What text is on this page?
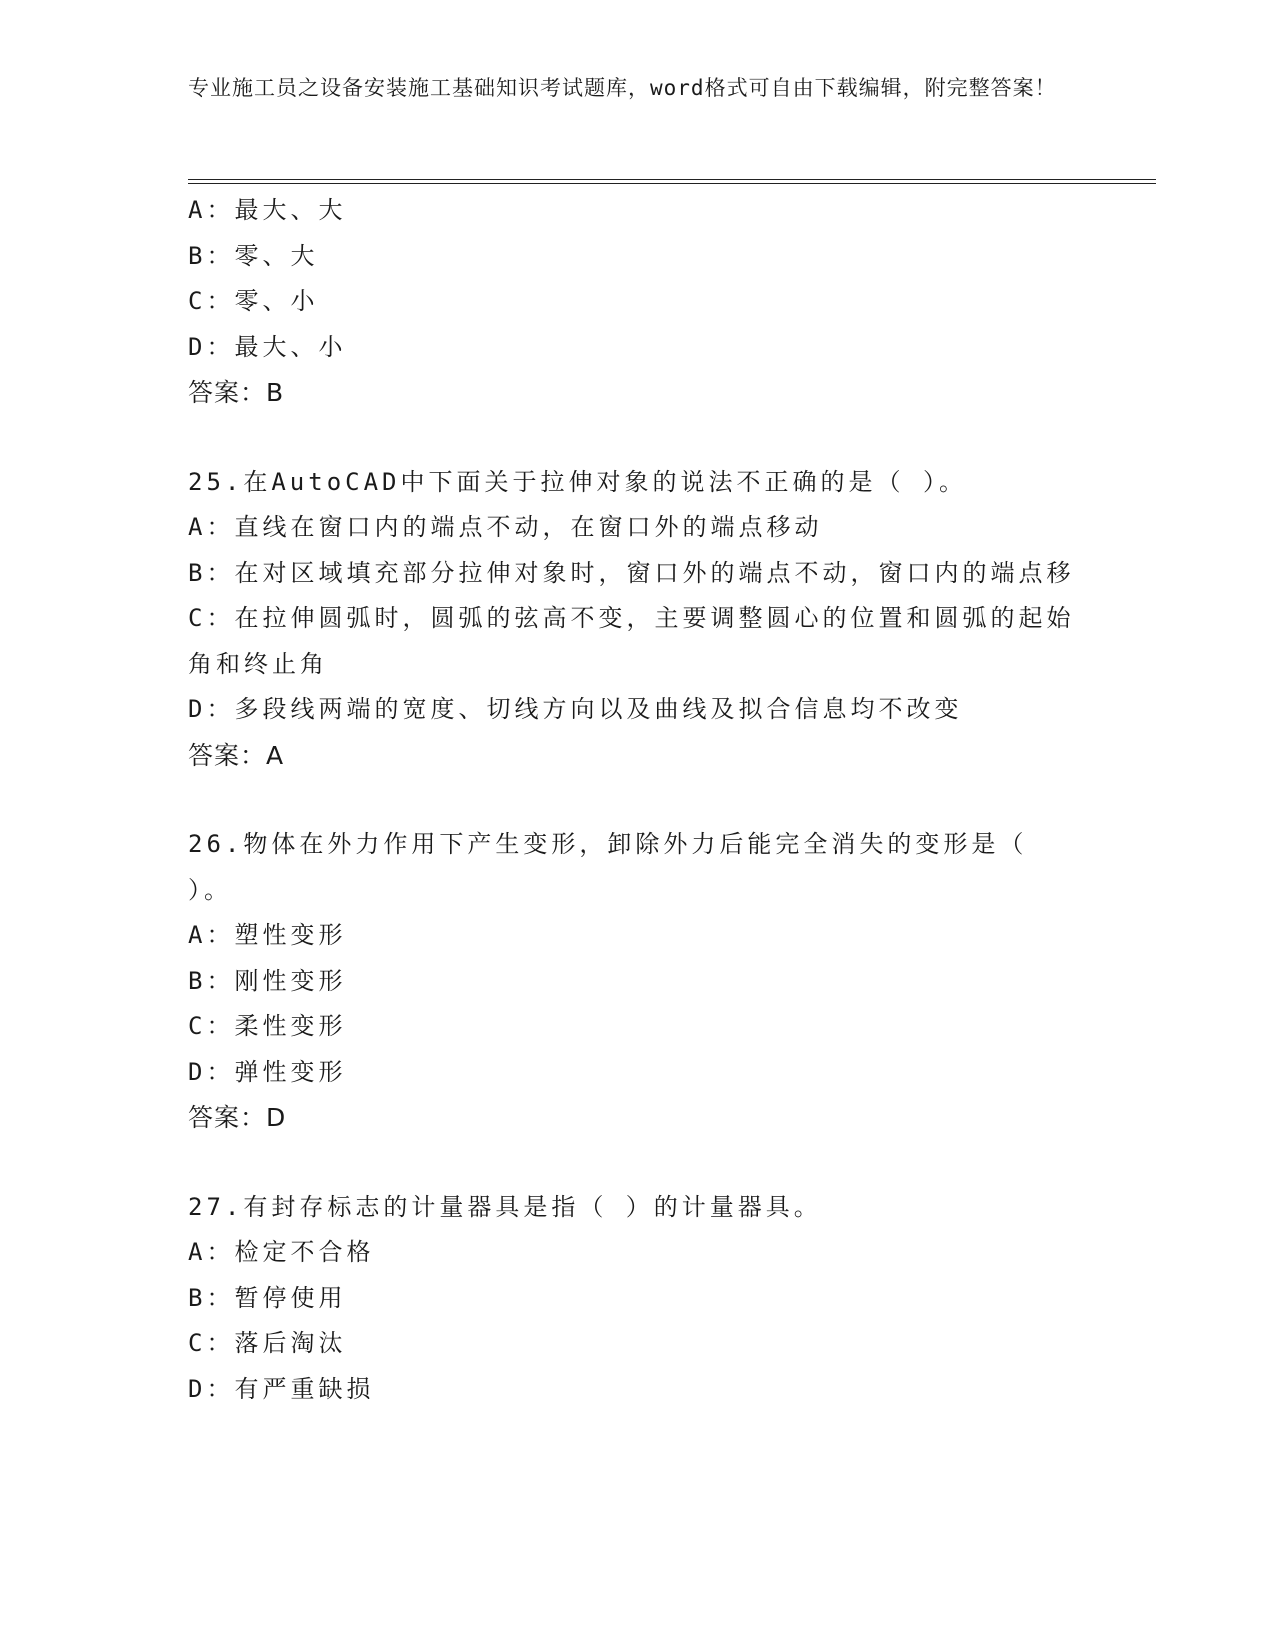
专业施工员之设备安装施工基础知识考试题库，word格式可自由下载编辑，附完整答案！

A：最大、大

B：零、大

C：零、小

D：最大、小

答案：B

25.在AutoCAD中下面关于拉伸对象的说法不正确的是（ ）。

A：直线在窗口内的端点不动，在窗口外的端点移动

B：在对区域填充部分拉伸对象时，窗口外的端点不动，窗口内的端点移

C：在拉伸圆弧时，圆弧的弦高不变，主要调整圆心的位置和圆弧的起始角和终止角

D：多段线两端的宽度、切线方向以及曲线及拟合信息均不改变

答案：A

26.物体在外力作用下产生变形，卸除外力后能完全消失的变形是（ ）。

A：塑性变形

B：刚性变形

C：柔性变形

D：弹性变形

答案：D

27.有封存标志的计量器具是指（ ）的计量器具。

A：检定不合格

B：暂停使用

C：落后淘汰

D：有严重缺损
